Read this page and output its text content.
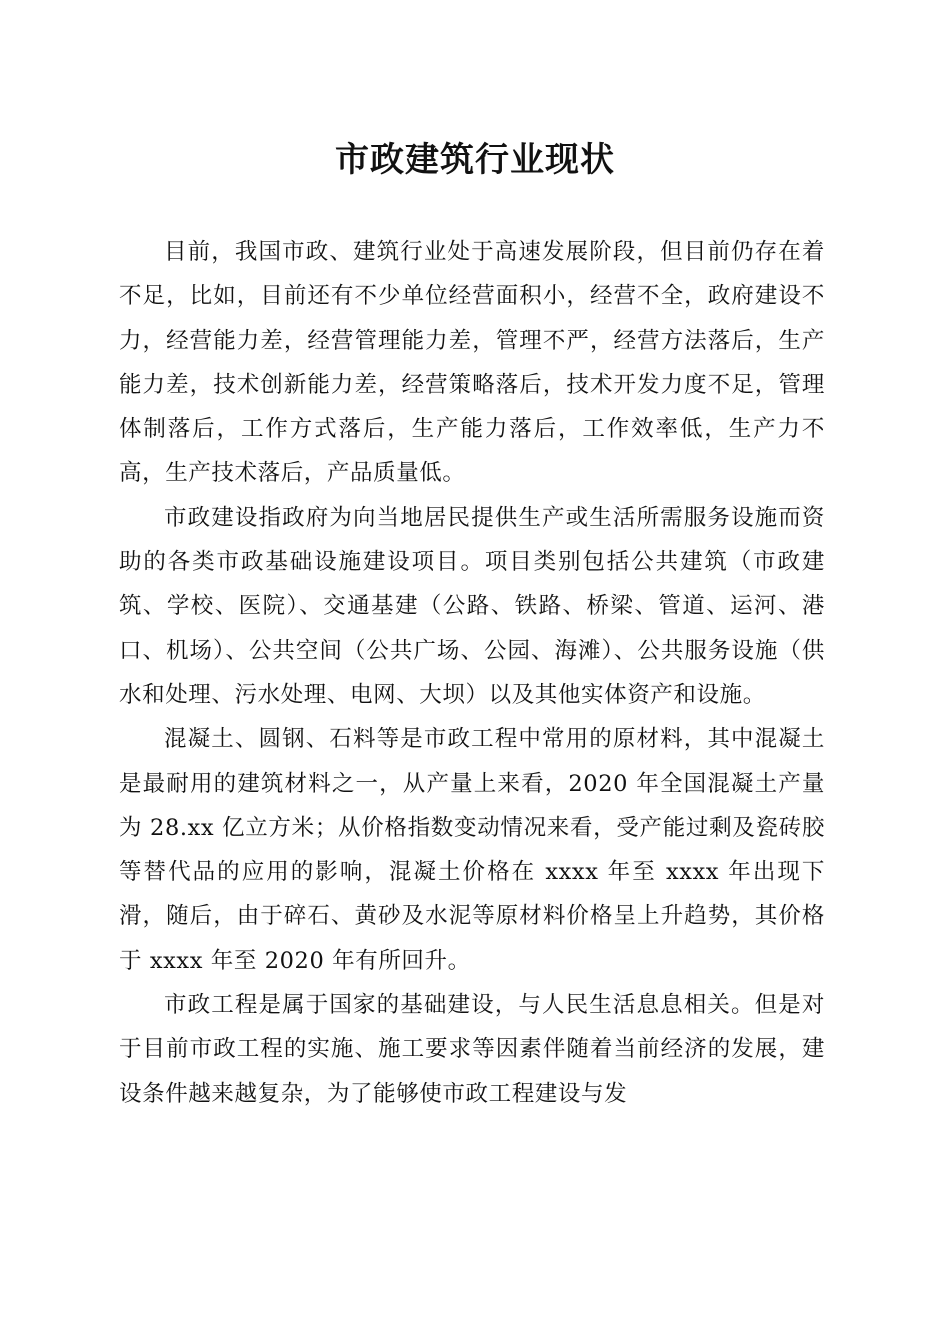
市政建筑行业现状

目前，我国市政、建筑行业处于高速发展阶段，但目前仍存在着不足，比如，目前还有不少单位经营面积小，经营不全，政府建设不力，经营能力差，经营管理能力差，管理不严，经营方法落后，生产能力差，技术创新能力差，经营策略落后，技术开发力度不足，管理体制落后，工作方式落后，生产能力落后，工作效率低，生产力不高，生产技术落后，产品质量低。

市政建设指政府为向当地居民提供生产或生活所需服务设施而资助的各类市政基础设施建设项目。项目类别包括公共建筑（市政建筑、学校、医院）、交通基建（公路、铁路、桥梁、管道、运河、港口、机场）、公共空间（公共广场、公园、海滩）、公共服务设施（供水和处理、污水处理、电网、大坝）以及其他实体资产和设施。

混凝土、圆钢、石料等是市政工程中常用的原材料，其中混凝土是最耐用的建筑材料之一，从产量上来看，2020 年全国混凝土产量为 28.xx 亿立方米；从价格指数变动情况来看，受产能过剩及瓷砖胶等替代品的应用的影响，混凝土价格在 xxxx 年至 xxxx 年出现下滑，随后，由于碎石、黄砂及水泥等原材料价格呈上升趋势，其价格于 xxxx 年至 2020 年有所回升。

市政工程是属于国家的基础建设，与人民生活息息相关。但是对于目前市政工程的实施、施工要求等因素伴随着当前经济的发展，建设条件越来越复杂，为了能够使市政工程建设与发
